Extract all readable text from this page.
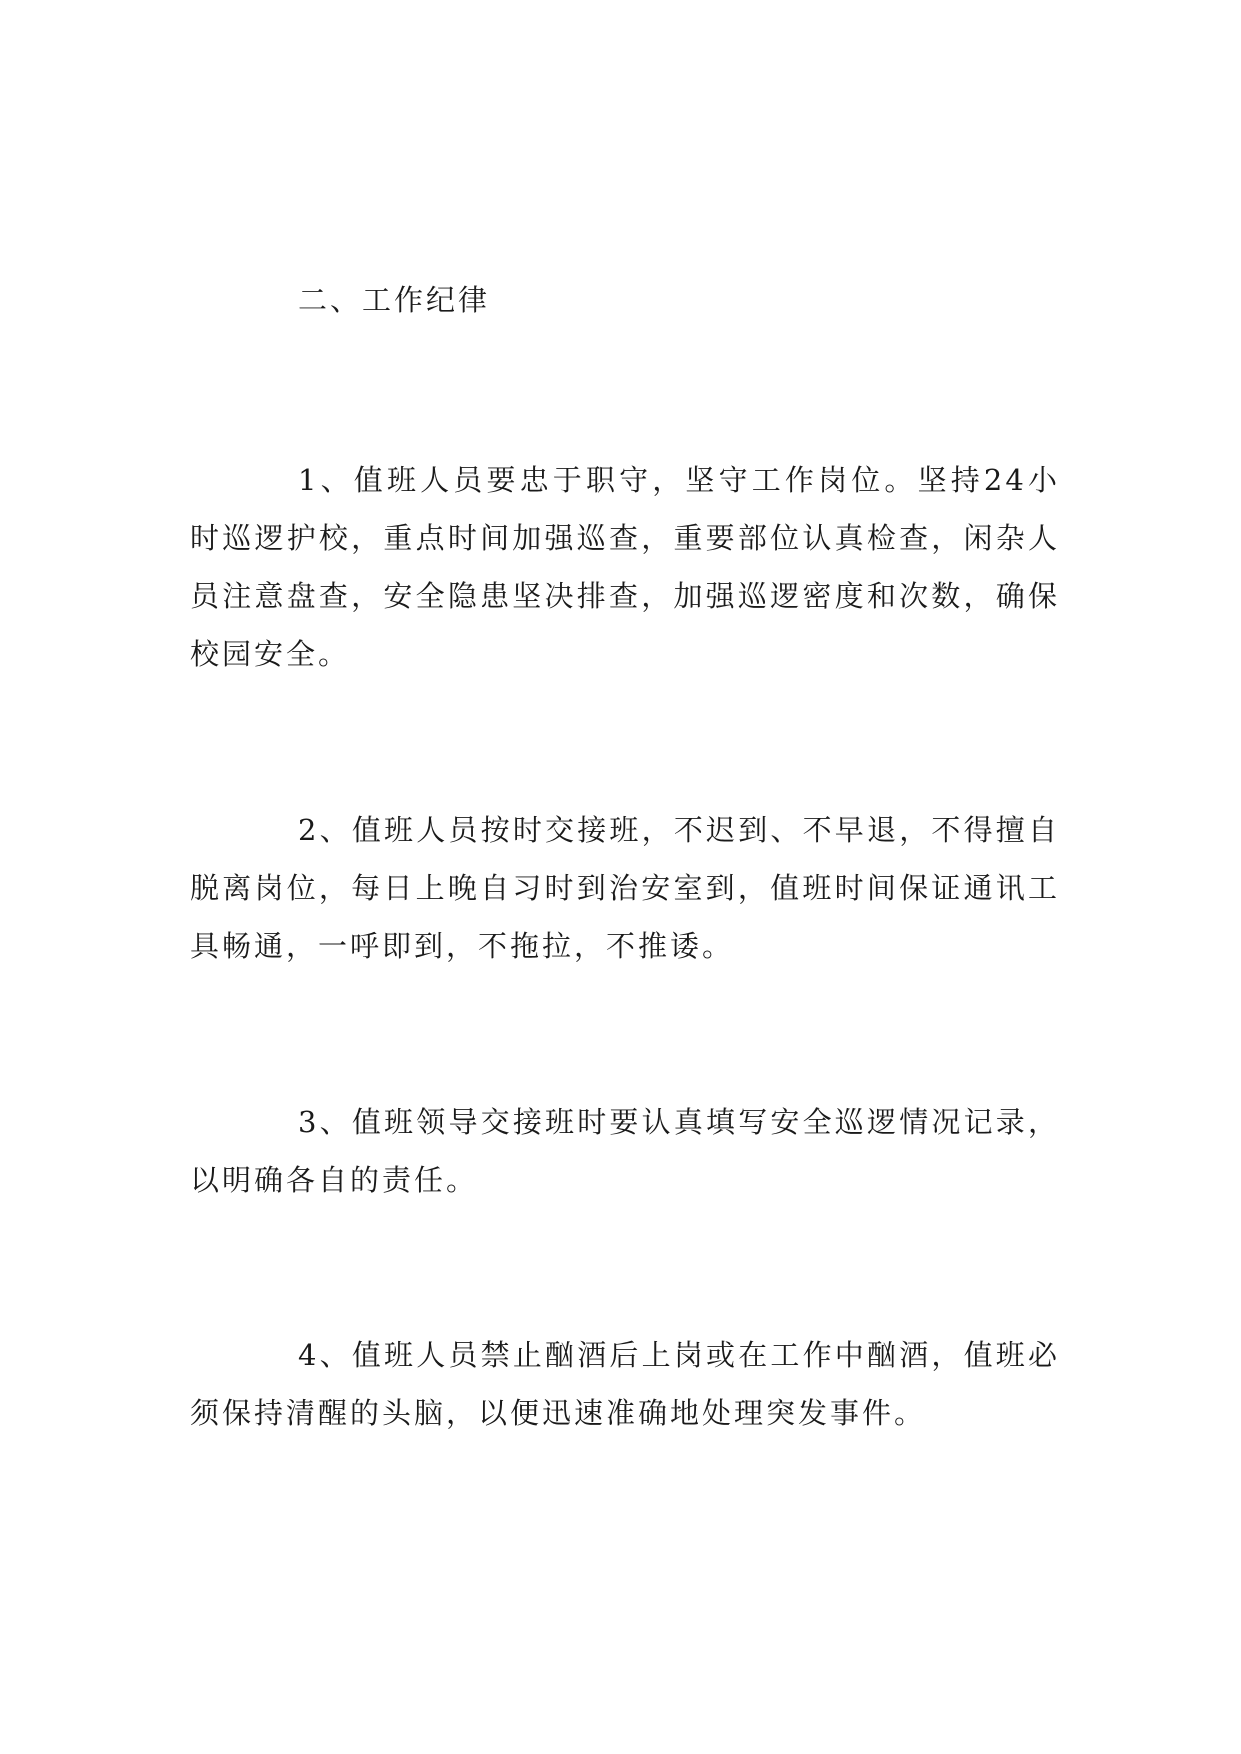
二、工作纪律

1、值班人员要忠于职守，坚守工作岗位。坚持24小时巡逻护校，重点时间加强巡查，重要部位认真检查，闲杂人员注意盘查，安全隐患坚决排查，加强巡逻密度和次数，确保校园安全。

2、值班人员按时交接班，不迟到、不早退，不得擅自脱离岗位，每日上晚自习时到治安室到，值班时间保证通讯工具畅通，一呼即到，不拖拉，不推诿。

3、值班领导交接班时要认真填写安全巡逻情况记录，以明确各自的责任。

4、值班人员禁止酗酒后上岗或在工作中酗酒，值班必须保持清醒的头脑，以便迅速准确地处理突发事件。
